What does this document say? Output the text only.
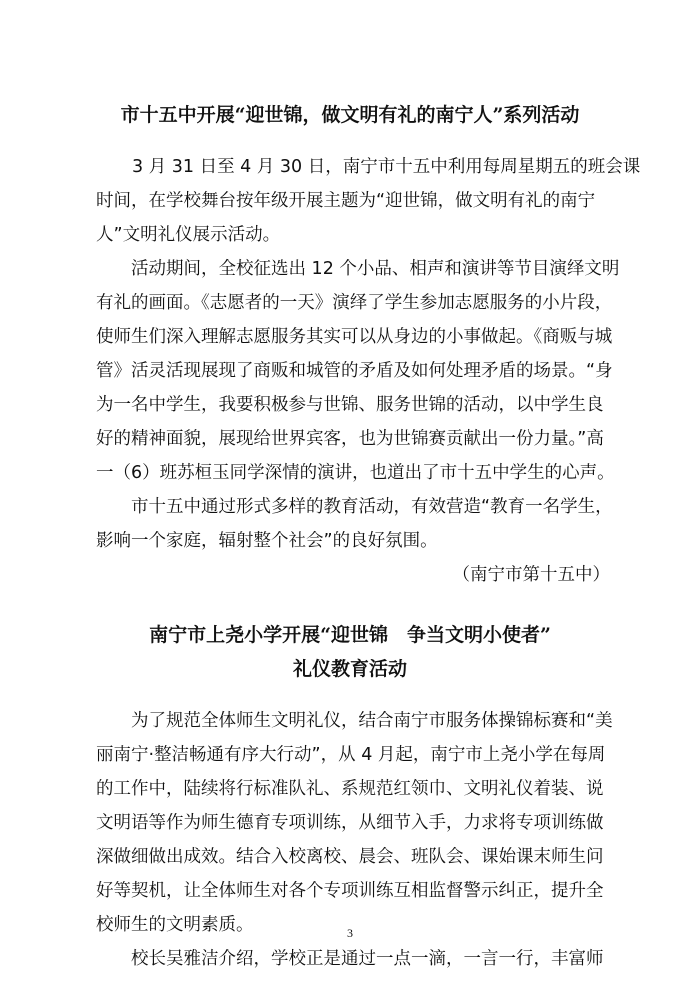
市十五中开展“迎世锦，做文明有礼的南宁人”系列活动

3 月 31 日至 4 月 30 日，南宁市十五中利用每周星期五的班会课

时间，在学校舞台按年级开展主题为“迎世锦，做文明有礼的南宁

人”文明礼仪展示活动。

活动期间，全校征选出 12 个小品、相声和演讲等节目演绎文明

有礼的画面。《志愿者的一天》演绎了学生参加志愿服务的小片段，

使师生们深入理解志愿服务其实可以从身边的小事做起。《商贩与城

管》活灵活现展现了商贩和城管的矛盾及如何处理矛盾的场景。“身

为一名中学生，我要积极参与世锦、服务世锦的活动，以中学生良

好的精神面貌，展现给世界宾客，也为世锦赛贡献出一份力量。”高

一（6）班苏桓玉同学深情的演讲，也道出了市十五中学生的心声。

市十五中通过形式多样的教育活动，有效营造“教育一名学生，

影响一个家庭，辐射整个社会”的良好氛围。

（南宁市第十五中）

南宁市上尧小学开展“迎世锦　争当文明小使者”
礼仪教育活动

为了规范全体师生文明礼仪，结合南宁市服务体操锦标赛和“美

丽南宁·整洁畅通有序大行动”，从 4 月起，南宁市上尧小学在每周

的工作中，陆续将行标准队礼、系规范红领巾、文明礼仪着装、说

文明语等作为师生德育专项训练，从细节入手，力求将专项训练做

深做细做出成效。结合入校离校、晨会、班队会、课始课末师生问

好等契机，让全体师生对各个专项训练互相监督警示纠正，提升全

校师生的文明素质。

校长吴雅洁介绍，学校正是通过一点一滴，一言一行，丰富师

3
